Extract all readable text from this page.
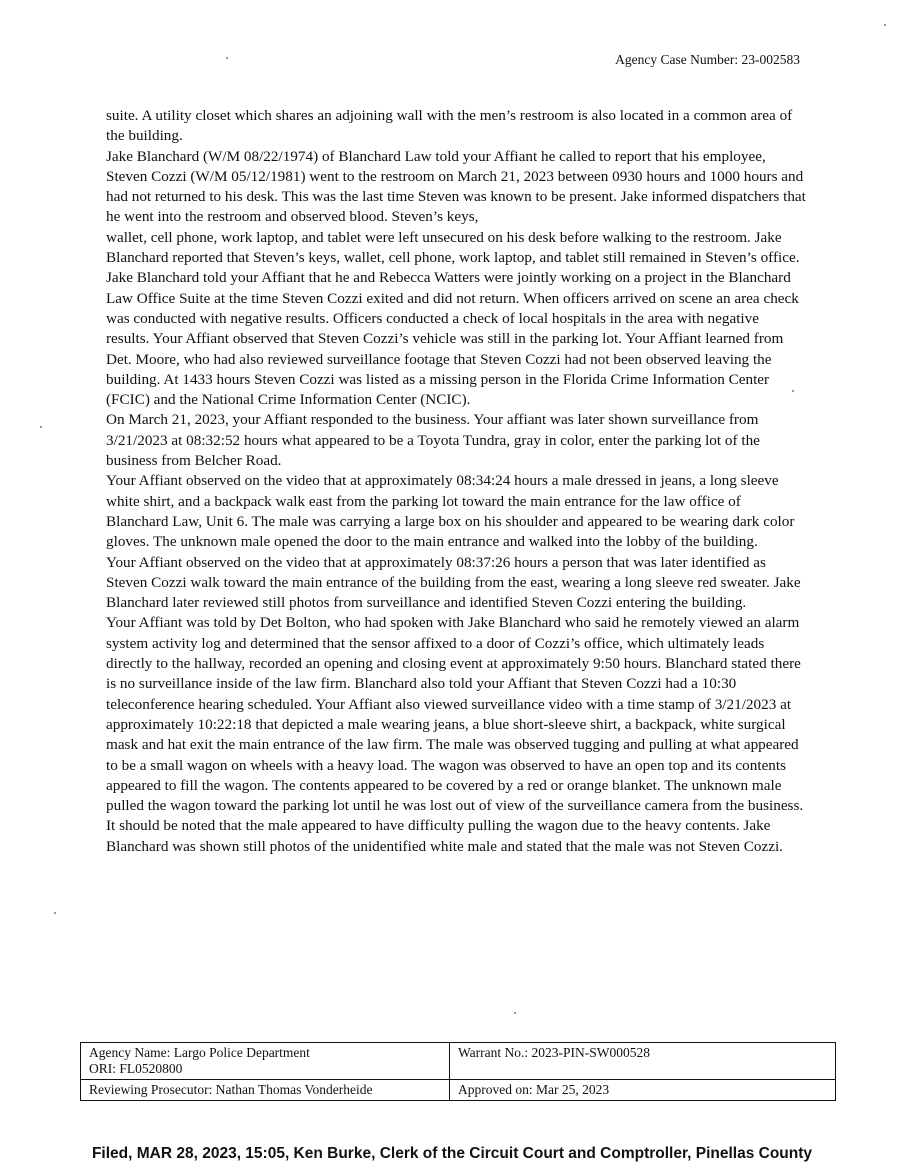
Agency Case Number: 23-002583

suite. A utility closet which shares an adjoining wall with the men’s restroom is also located in a common area of the building.

Jake Blanchard (W/M 08/22/1974) of Blanchard Law told your Affiant he called to report that his employee, Steven Cozzi (W/M 05/12/1981) went to the restroom on March 21, 2023 between 0930 hours and 1000 hours and had not returned to his desk. This was the last time Steven was known to be present. Jake informed dispatchers that he went into the restroom and observed blood. Steven’s keys,

wallet, cell phone, work laptop, and tablet were left unsecured on his desk before walking to the restroom. Jake Blanchard reported that Steven’s keys, wallet, cell phone, work laptop, and tablet still remained in Steven’s office.

Jake Blanchard told your Affiant that he and Rebecca Watters were jointly working on a project in the Blanchard Law Office Suite at the time Steven Cozzi exited and did not return. When officers arrived on scene an area check was conducted with negative results. Officers conducted a check of local hospitals in the area with negative results. Your Affiant observed that Steven Cozzi’s vehicle was still in the parking lot. Your Affiant learned from Det. Moore, who had also reviewed surveillance footage that Steven Cozzi had not been observed leaving the building. At 1433 hours Steven Cozzi was listed as a missing person in the Florida Crime Information Center (FCIC) and the National Crime Information Center (NCIC).

On March 21, 2023, your Affiant responded to the business. Your affiant was later shown surveillance from 3/21/2023 at 08:32:52 hours what appeared to be a Toyota Tundra, gray in color, enter the parking lot of the business from Belcher Road.

Your Affiant observed on the video that at approximately 08:34:24 hours a male dressed in jeans, a long sleeve white shirt, and a backpack walk east from the parking lot toward the main entrance for the law office of Blanchard Law, Unit 6. The male was carrying a large box on his shoulder and appeared to be wearing dark color gloves. The unknown male opened the door to the main entrance and walked into the lobby of the building.

Your Affiant observed on the video that at approximately 08:37:26 hours a person that was later identified as Steven Cozzi walk toward the main entrance of the building from the east, wearing a long sleeve red sweater. Jake Blanchard later reviewed still photos from surveillance and identified Steven Cozzi entering the building.

Your Affiant was told by Det Bolton, who had spoken with Jake Blanchard who said he remotely viewed an alarm system activity log and determined that the sensor affixed to a door of Cozzi’s office, which ultimately leads directly to the hallway, recorded an opening and closing event at approximately 9:50 hours. Blanchard stated there is no surveillance inside of the law firm. Blanchard also told your Affiant that Steven Cozzi had a 10:30 teleconference hearing scheduled. Your Affiant also viewed surveillance video with a time stamp of 3/21/2023 at approximately 10:22:18 that depicted a male wearing jeans, a blue short-sleeve shirt, a backpack, white surgical mask and hat exit the main entrance of the law firm. The male was observed tugging and pulling at what appeared to be a small wagon on wheels with a heavy load. The wagon was observed to have an open top and its contents appeared to fill the wagon. The contents appeared to be covered by a red or orange blanket. The unknown male pulled the wagon toward the parking lot until he was lost out of view of the surveillance camera from the business. It should be noted that the male appeared to have difficulty pulling the wagon due to the heavy contents. Jake Blanchard was shown still photos of the unidentified white male and stated that the male was not Steven Cozzi.

Agency Name: Largo Police Department
ORI: FL0520800	Warrant No.: 2023-PIN-SW000528

Reviewing Prosecutor: Nathan Thomas Vonderheide	Approved on: Mar 25, 2023
Filed, MAR 28, 2023, 15:05, Ken Burke, Clerk of the Circuit Court and Comptroller, Pinellas County
